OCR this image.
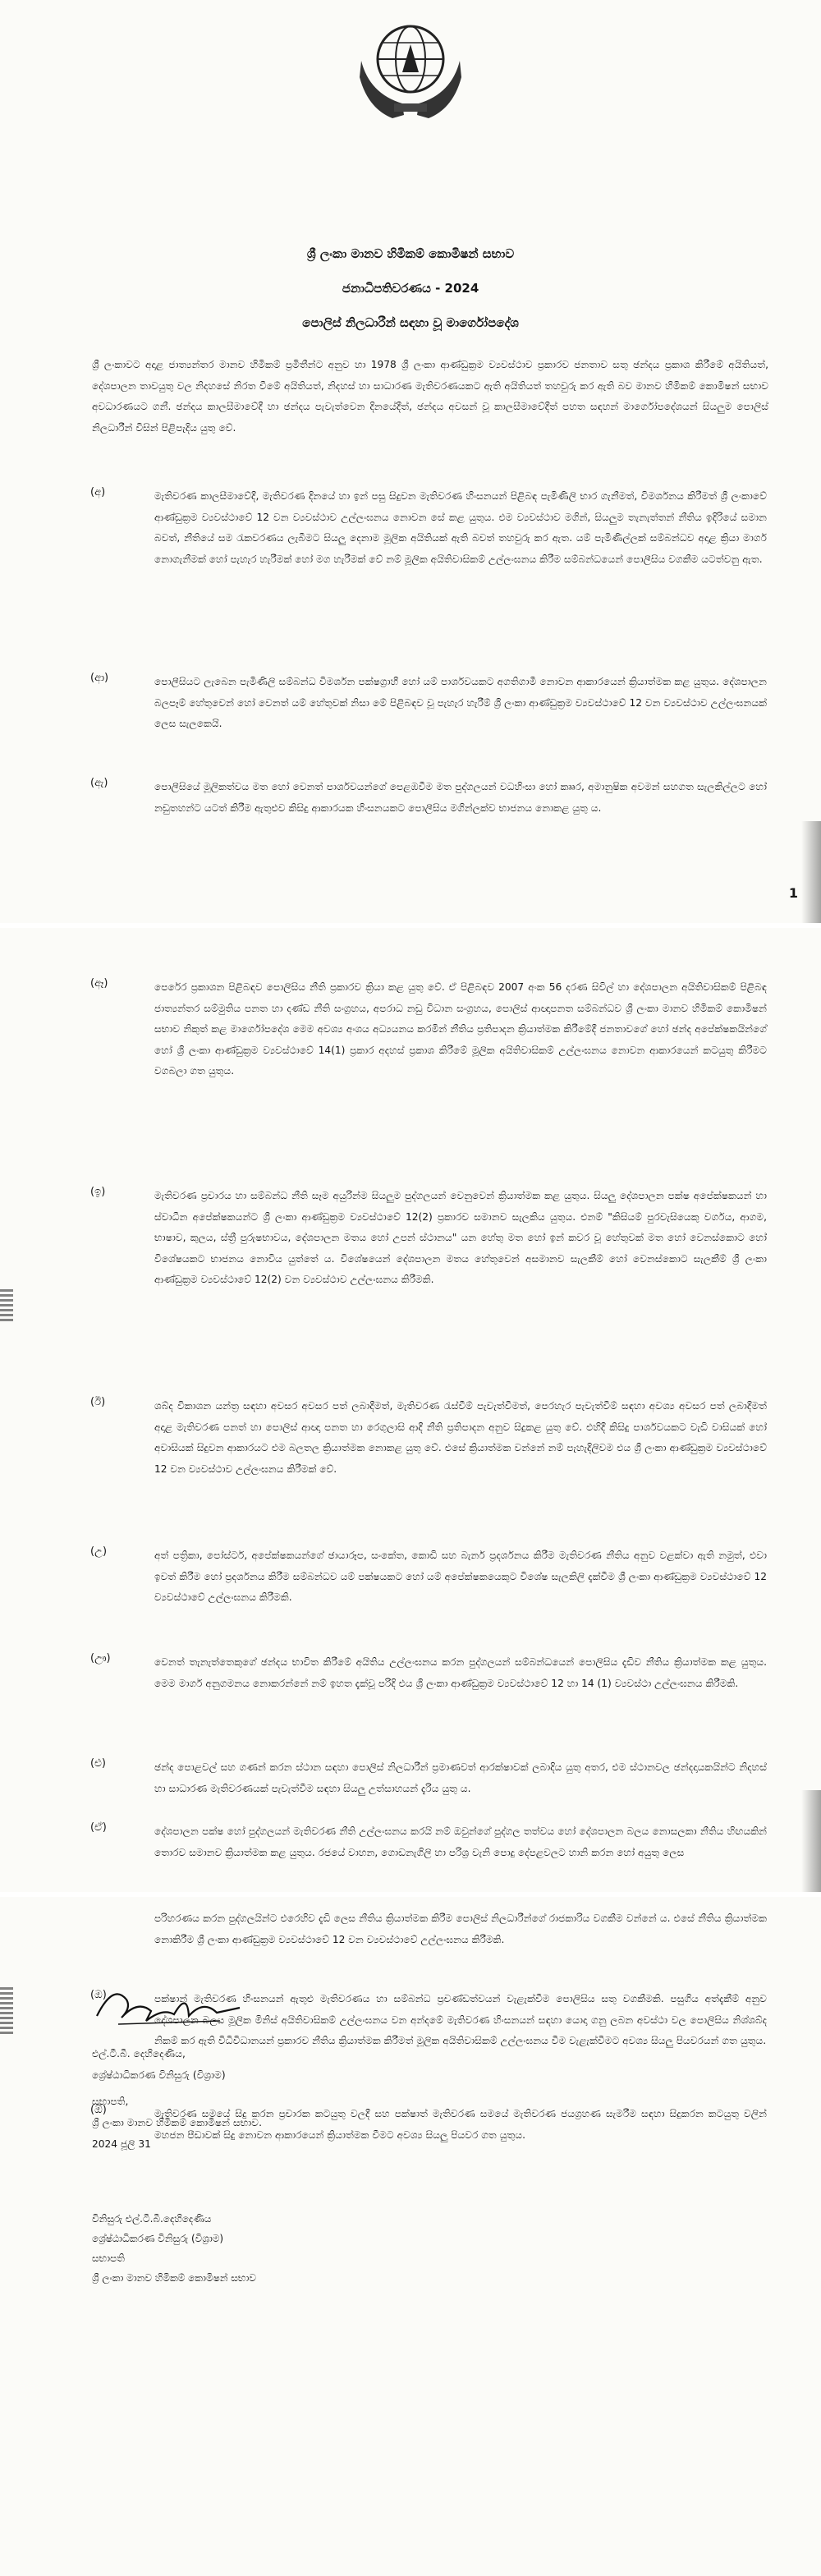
ශ්‍රී ලංකා මානව හිමිකම් කොමිෂන් සභාව
ජනාධිපතිවරණය - 2024
පොලිස් නිලධාරීන් සඳහා වූ මාර්ගෝපදේශ

ශ්‍රී ලංකාවට අදාළ ජාත්‍යන්තර මානව හිමිකම් ප්‍රමිතීන්ට අනුව හා 1978 ශ්‍රී ලංකා ආණ්ඩුක්‍රම ව්‍යවස්ථාව ප්‍රකාරව ජනතාව සතු ඡන්දය ප්‍රකාශ කිරීමේ අයිතියත්, දේශපාලන තාවයුතු වල නිදහසේ නිරත වීමේ අයිතියත්, නිදහස් හා සාධාරණ මැතිවරණයකට ඇති අයිතියත් තහවුරු කර ඇති බව මානව හිමිකම් කොමිෂන් සභාව අවධාරණයට ගනී. ඡන්දය කාලසීමාවේදී හා ඡන්දය පැවැත්වෙන දිනයේදීත්, ඡන්දය අවසන් වූ කාලසීමාවේදීත් පහත සඳහන් මාර්ගෝපදේශයන් සියලුම පොලිස් නිලධාරීන් විසින් පිළිපැදිය යුතු වේ.

(අ)	මැතිවරණ කාලසීමාවේදී, මැතිවරණ දිනයේ හා ඉන් පසු සිදුවන මැතිවරණ හිංසනයන් පිළිබඳ පැමිණිලි භාර ගැනීමත්, විමර්ශනය කිරීමත් ශ්‍රී ලංකාවේ ආණ්ඩුක්‍රම ව්‍යවස්ථාවේ 12 වන ව්‍යවස්ථාව උල්ලංඝනය නොවන සේ කළ යුතුය. එම ව්‍යවස්ථාව මගින්, සියලුම තැනැත්තන් නීතිය ඉදිරියේ සමාන බවත්, නීතියේ සම රැකවරණය ලැබීමට සියලු දෙනාම මූලික අයිතියක් ඇති බවත් තහවුරු කර ඇත. යම් පැමිණිල්ලක් සම්බන්ධව අදාළ ක්‍රියා මාර්ග නොගැනීමක් හෝ පැහැර හැරීමක් හෝ මග හැරීමක් වේ නම් මූලික අයිතිවාසිකම් උල්ලංඝනය කිරීම සම්බන්ධයෙන් පොලීසිය වගකීම යටත්වනු ඇත.

(ආ)	පොලීසියට ලැබෙන පැමිණිලි සම්බන්ධ විමර්ශන පක්ෂග්‍රාහී හෝ යම් පාර්ශවයකට අගතිගාමී නොවන ආකාරයෙන් ක්‍රියාත්මක කළ යුතුය. දේශපාලන බලපෑම් හේතුවෙන් හෝ වෙනත් යම් හේතුවක් නිසා මේ පිළිබඳව වූ පැහැර හැරීම් ශ්‍රී ලංකා ආණ්ඩුක්‍රම ව්‍යවස්ථාවේ 12 වන ව්‍යවස්ථාව උල්ලංඝනයක් ලෙස සැලකෙයි.

(ඇ)	පොලීසියේ මූලිකත්වය මත හෝ වෙනත් පාර්ශවයන්ගේ පෙළඹවීම මත පුද්ගලයන් වධහිංසා හෝ කෲර, අමානුෂික අවමන් සහගත සැලකිල්ලට හෝ නඩුතහන්ට යටත් කිරීම ඇතුළුව කිසිදු ආකාරයක හිංසනයකට පොලීසිය මගින්ලක්ව භාජනය නොකළ යුතු ය.

1
(ඈ)	පෙරේර ප්‍රකාශන පිළිබඳව පොලිසිය නීති ප්‍රකාරව ක්‍රියා කළ යුතු වේ. ඒ පිළිබඳව 2007 අංක 56 දරණ සිවිල් හා දේශපාලන අයිතිවාසිකම් පිළිබඳ ජාත්‍යන්තර සම්මුතිය පනත හා දණ්ඩ නීති සංග්‍රහය, අපරාධ නඩු විධාන සංග්‍රහය, පොලිස් ආඥාපනත සම්බන්ධව ශ්‍රී ලංකා මානව හිමිකම් කොමිෂන් සභාව නිකුත් කළ මාර්ගෝපදේශ මෙම අවශ්‍ය අංශය අධ්‍යයනය කරමින් නීතිය ප්‍රතිපාදන ක්‍රියාත්මක කිරීමේදී ජනතාවගේ හෝ ඡන්ද අපේක්ෂකයින්ගේ හෝ ශ්‍රී ලංකා ආණ්ඩුක්‍රම ව්‍යවස්ථාවේ 14(1) ප්‍රකාර අදහස් ප්‍රකාශ කිරීමේ මූලික අයිතිවාසිකම් උල්ලංඝනය නොවන ආකාරයෙන් කටයුතු කිරීමට වගබලා ගත යුතුය.

(ඉ)	මැතිවරණ ප්‍රචාරය හා සම්බන්ධ නීති සෑම අයුරින්ම සියලුම පුද්ගලයන් වෙනුවෙන් ක්‍රියාත්මක කළ යුතුය. සියලු දේශපාලන පක්ෂ අපේක්ෂකයන් හා ස්වාධීන අපේක්ෂකයන්ට ශ්‍රී ලංකා ආණ්ඩුක්‍රම ව්‍යවස්ථාවේ 12(2) ප්‍රකාරව සමානව සැලකිය යුතුය. එනම් "කිසියම් පුරවැසියෙකු වර්ගය, ආගම, භාෂාව, කුලය, ස්ත්‍රී පුරුෂභාවය, දේශපාලන මතය හෝ උපන් ස්ථානය" යන හේතු මත හෝ ඉන් කවර වූ හේතුවක් මත හෝ වෙනස්කොට හෝ විශේෂයකට භාජනය නොවිය යුත්තේ ය. විශේෂයෙන් දේශපාලන මතය හේතුවෙන් අසමානව සැලකීම් හෝ වෙනස්කොට සැලකීම් ශ්‍රී ලංකා ආණ්ඩුක්‍රම ව්‍යවස්ථාවේ 12(2) වන ව්‍යවස්ථාව උල්ලංඝනය කිරීමකි.

(ඊ)	ශබ්ද විකාශන යන්ත්‍ර සඳහා අවසර අවසර පත් ලබාදීමත්, මැතිවරණ රැස්වීම් පැවැත්වීමත්, පෙරහැර පැවැත්වීම් සඳහා අවශ්‍ය අවසර පත් ලබාදීමත් අදාළ මැතිවරණ පනත් හා පොලිස් ආඥා පනත හා රෙගුලාසි ආදී නීති ප්‍රතිපාදන අනුව සිදුකළ යුතු වේ. එහිදී කිසිදු පාර්ශවයකට වැඩි වාසියක් හෝ අවාසියක් සිදුවන ආකාරයට එම බලතල ක්‍රියාත්මක නොකළ යුතු වේ. එසේ ක්‍රියාත්මක වන්නේ නම් පැහැදිලිවම එය ශ්‍රී ලංකා ආණ්ඩුක්‍රම ව්‍යවස්ථාවේ 12 වන ව්‍යවස්ථාව උල්ලංඝනය කිරීමක් වේ.

(උ)	අත් පත්‍රිකා, පෝස්ටර්, අපේක්ෂකයන්ගේ ඡායාරූප, සංකේත, කොඩි සහ බැනර් ප්‍රදර්ශනය කිරීම මැතිවරණ නීතිය අනුව වළක්වා ඇති නමුත්, එවා ඉවත් කිරීම හෝ ප්‍රදර්ශනය කිරීම සම්බන්ධව යම් පක්ෂයකට හෝ යම් අපේක්ෂකයෙකුට විශේෂ සැලකිලි දැක්වීම ශ්‍රී ලංකා ආණ්ඩුක්‍රම ව්‍යවස්ථාවේ 12 ව්‍යවස්ථාවේ උල්ලංඝනය කිරීමකි.

(ඌ)	වෙනත් තැනැත්තෙකුගේ ඡන්දය භාවිත කිරීමේ අයිතිය උල්ලංඝනය කරන පුද්ගලයන් සම්බන්ධයෙන් පොලිසිය දැඩිව නීතිය ක්‍රියාත්මක කළ යුතුය. මෙම මාර්ග අනුගමනය නොකරන්නේ නම් ඉහත දැක්වූ පරිදි එය ශ්‍රී ලංකා ආණ්ඩුක්‍රම ව්‍යවස්ථාවේ 12 හා 14 (1) ව්‍යවස්ථා උල්ලංඝනය කිරීමකි.

(එ)	ඡන්ද පොළවල් සහ ගණන් කරන ස්ථාන සඳහා පොලිස් නිලධාරීන් ප්‍රමාණවත් ආරක්ෂාවක් ලබාදිය යුතු අතර, එම ස්ථානවල ඡන්දදායකයින්ට නිදහස් හා සාධාරණ මැතිවරණයක් පැවැත්වීම සඳහා සියලු උත්සාහයන් දැරිය යුතු ය.

(ඒ)	දේශපාලන පක්ෂ හෝ පුද්ගලයන් මැතිවරණ නීති උල්ලංඝනය කරයි නම් ඔවුන්ගේ පුද්ගල තත්වය හෝ දේශපාලන බලය නොසලකා නීතිය හිඟයකින් තොරව සමානව ක්‍රියාත්මක කළ යුතුය. රජයේ වාහන, ගොඩනැගිලි හා පරිශ්‍ර වැනි පොදු දේපළවලට හානි කරන හෝ අයුතු ලෙස

පරිහරණය කරන පුද්ගලයින්ට එරෙහිව දැඩි ලෙස නීතිය ක්‍රියාත්මක කිරීම පොලිස් නිලධාරීන්ගේ රාජකාරිය වගකීම වන්නේ ය. එසේ නීතිය ක්‍රියාත්මක නොකිරීම ශ්‍රී ලංකා ආණ්ඩුක්‍රම ව්‍යවස්ථාවේ 12 වන ව්‍යවස්ථාවේ උල්ලංඝනය කිරීමකි.

(ඔ)	පක්ෂාන් මැතිවරණ හිංසනයන් ඇතුළු මැතිවරණය හා සම්බන්ධ ප්‍රචණ්ඩත්වයන් වැළැක්වීම පොලිසිය සතු වගකීමකි. පසුගිය අත්දැකීම් අනුව දේශපාලන බලය මූලික මිනිස් අයිතිවාසිකම් උල්ලංඝනය වන අන්දමේ මැතිවරණ හිංසනයන් සඳහා යොදා ගනු ලබන අවස්ථා වල පොලිසිය නිශ්ශබ්ද නිකම් කර ඇති විධිවිධානයන් ප්‍රකාරව නීතිය ක්‍රියාත්මක කිරීමත් මූලික අයිතිවාසිකම් උල්ලංඝනය වීම වැළැක්වීමට අවශ්‍ය සියලු පියවරයන් ගත යුතුය.

(ඕ)	මැතිවරණ සමයේ සිදු කරන ප්‍රචාරක කටයුතු වලදී සහ පක්ෂාත් මැතිවරණ සමයේ මැතිවරණ ජයග්‍රහණ සැමරීම සඳහා සිදුකරන කටයුතු වලින් මහජන පීඩාවක් සිදු නොවන ආකාරයෙන් ක්‍රියාත්මක වීමට අවශ්‍ය සියලු පියවර ගත යුතුය.

එල්.ටී.බී. දෙහිදෙණිය,
ශ්‍රේෂ්ඨාධිකරණ විනිසුරු (විශ්‍රාම)
සභාපති,
ශ්‍රී ලංකා මානව හිමිකම් කොමිෂන් සභාව.
2024 ජූලි 31
විනිසුරු එල්.ටී.බී.දෙහිදෙණිය
ශ්‍රේෂ්ඨාධිකරණ විනිසුරු (විශ්‍රාම)
සභාපති
ශ්‍රී ලංකා මානව හිමිකම් කොමිෂන් සභාව
